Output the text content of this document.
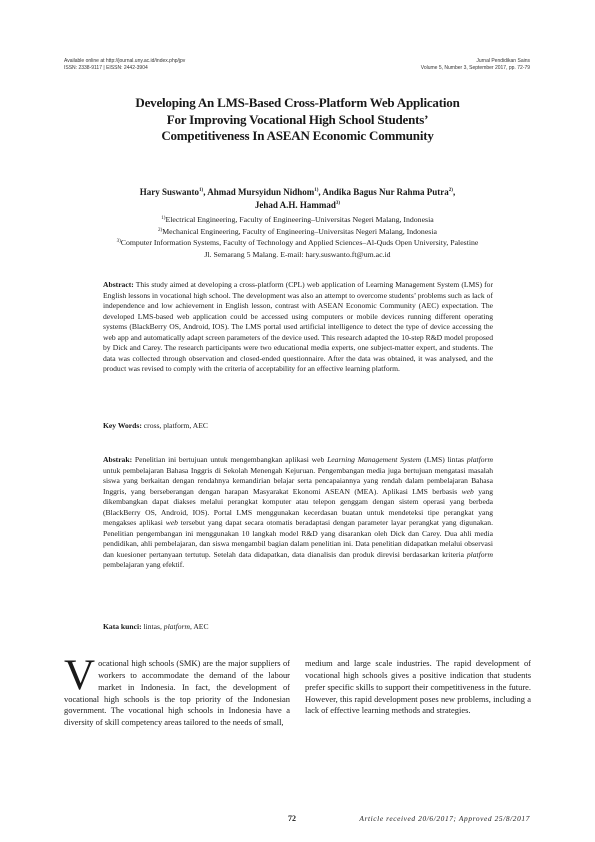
Available online at http://journal.uny.ac.id/index.php/jpv
ISSN: 2338-9117 | EISSN: 2442-3904
Jurnal Pendidikan Sains
Volume 5, Number 3, September 2017, pp. 72-79
Developing An LMS-Based Cross-Platform Web Application
For Improving Vocational High School Students’
Competitiveness In ASEAN Economic Community
Hary Suswanto$^{1)}$, Ahmad Mursyidun Nidhom$^{1)}$, Andika Bagus Nur Rahma Putra$^{2)}$,
Jehad A.H. Hammad$^{3)}$
$^{1)}$Electrical Engineering, Faculty of Engineering–Universitas Negeri Malang, Indonesia
$^{2)}$Mechanical Engineering, Faculty of Engineering–Universitas Negeri Malang, Indonesia
$^{3)}$Computer Information Systems, Faculty of Technology and Applied Sciences–Al-Quds Open University, Palestine
Jl. Semarang 5 Malang. E-mail: hary.suswanto.ft@um.ac.id
Abstract: This study aimed at developing a cross-platform (CPL) web application of Learning Management System (LMS) for English lessons in vocational high school. The development was also an attempt to overcome students’ problems such as lack of independence and low achievement in English lesson, contrast with ASEAN Economic Community (AEC) expectation. The developed LMS-based web application could be accessed using computers or mobile devices running different operating systems (BlackBerry OS, Android, IOS). The LMS portal used artificial intelligence to detect the type of device accessing the web app and automatically adapt screen parameters of the device used. This research adapted the 10-step R&D model proposed by Dick and Carey. The research participants were two educational media experts, one subject-matter expert, and students. The data was collected through observation and closed-ended questionnaire. After the data was obtained, it was analysed, and the product was revised to comply with the criteria of acceptability for an effective learning platform.
Key Words: cross, platform, AEC
Abstrak: Penelitian ini bertujuan untuk mengembangkan aplikasi web Learning Management System (LMS) lintas platform untuk pembelajaran Bahasa Inggris di Sekolah Menengah Kejuruan. Pengembangan media juga bertujuan mengatasi masalah siswa yang berkaitan dengan rendahnya kemandirian belajar serta pencapaiannya yang rendah dalam pembelajaran Bahasa Inggris, yang berseberangan dengan harapan Masyarakat Ekonomi ASEAN (MEA). Aplikasi LMS berbasis web yang dikembangkan dapat diakses melalui perangkat komputer atau telepon genggam dengan sistem operasi yang berbeda (BlackBerry OS, Android, IOS). Portal LMS menggunakan kecerdasan buatan untuk mendeteksi tipe perangkat yang mengakses aplikasi web tersebut yang dapat secara otomatis beradaptasi dengan parameter layar perangkat yang digunakan. Penelitian pengembangan ini menggunakan 10 langkah model R&D yang disarankan oleh Dick dan Carey. Dua ahli media pendidikan, ahli pembelajaran, dan siswa mengambil bagian dalam penelitian ini. Data penelitian didapatkan melalui observasi dan kuesioner pertanyaan tertutup. Setelah data didapatkan, data dianalisis dan produk direvisi berdasarkan kriteria platform pembelajaran yang efektif.
Kata kunci: lintas, platform, AEC
Vocational high schools (SMK) are the major suppliers of workers to accommodate the demand of the labour market in Indonesia. In fact, the development of vocational high schools is the top priority of the Indonesian government. The vocational high schools in Indonesia have a diversity of skill competency areas tailored to the needs of small,
medium and large scale industries. The rapid development of vocational high schools gives a positive indication that students prefer specific skills to support their competitiveness in the future. However, this rapid development poses new problems, including a lack of effective learning methods and strategies.
72	Article received 20/6/2017; Approved 25/8/2017
